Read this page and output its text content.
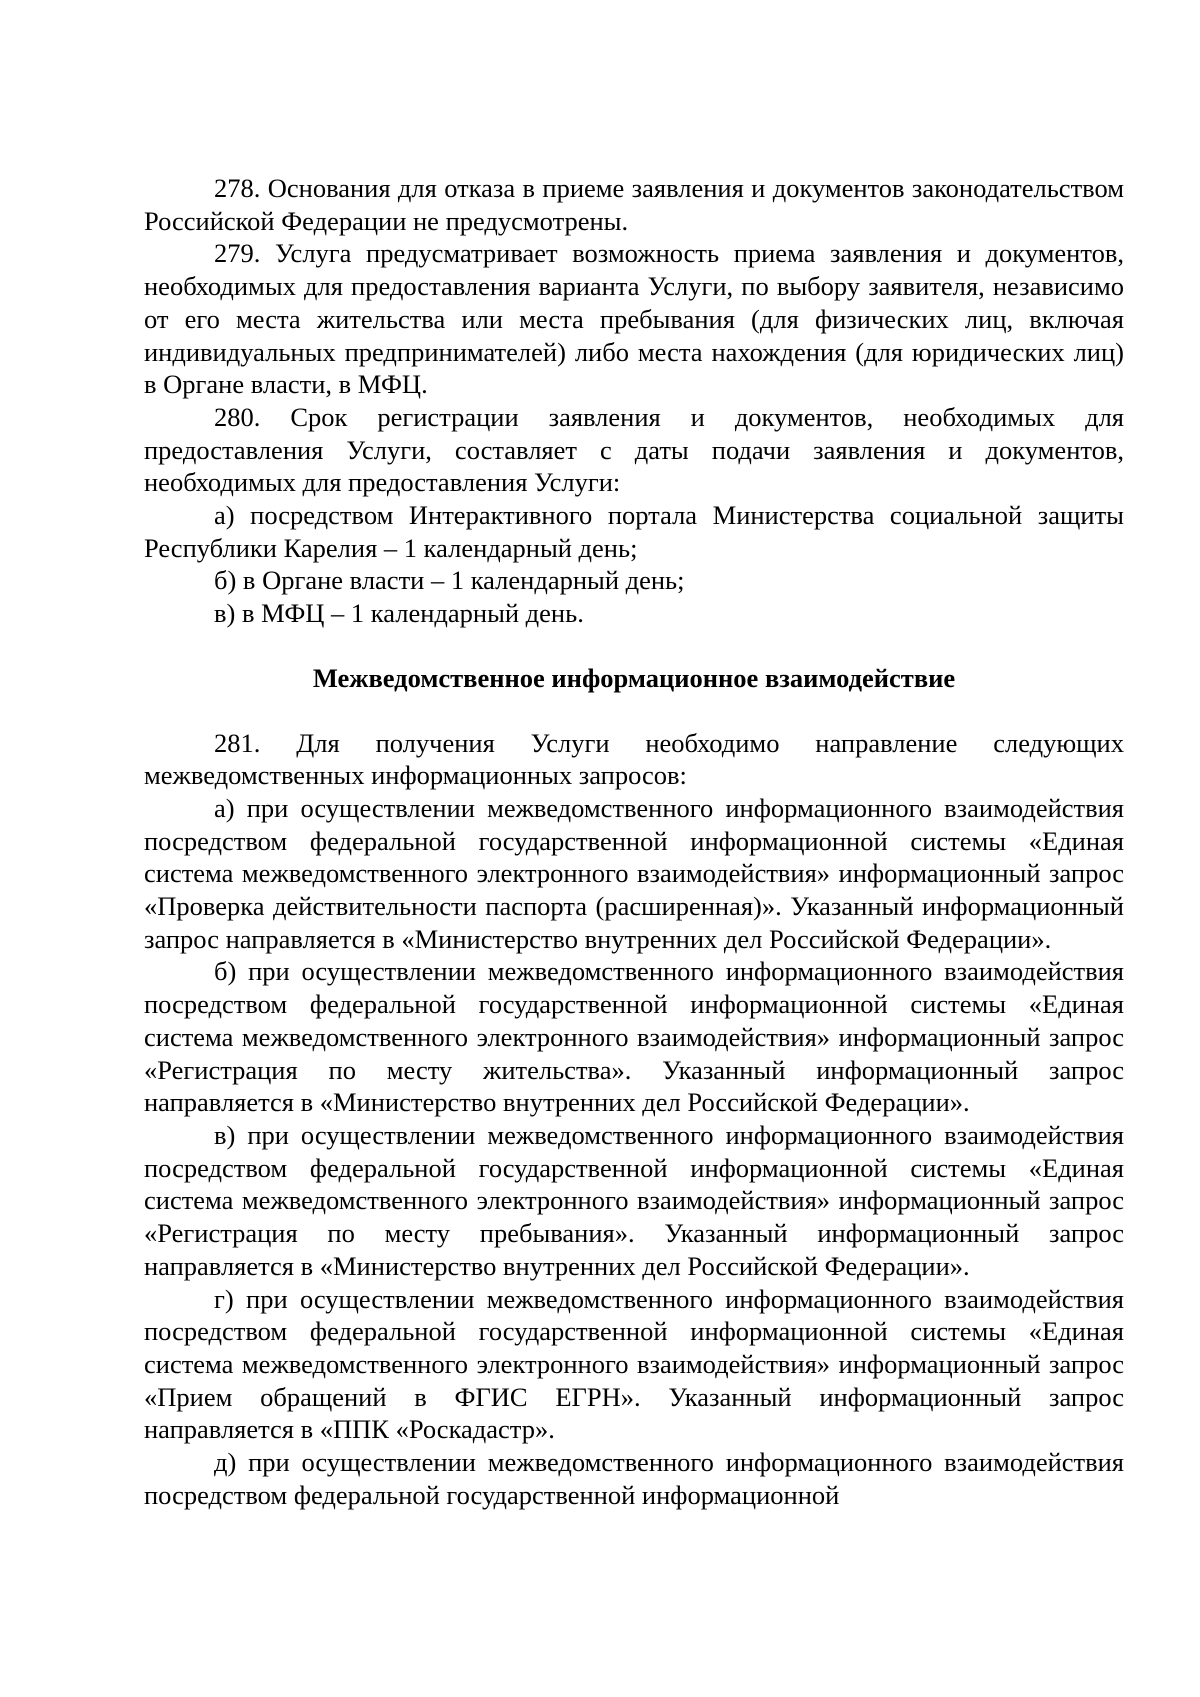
278. Основания для отказа в приеме заявления и документов законодательством Российской Федерации не предусмотрены.

279. Услуга предусматривает возможность приема заявления и документов, необходимых для предоставления варианта Услуги, по выбору заявителя, независимо от его места жительства или места пребывания (для физических лиц, включая индивидуальных предпринимателей) либо места нахождения (для юридических лиц) в Органе власти, в МФЦ.

280. Срок регистрации заявления и документов, необходимых для предоставления Услуги, составляет с даты подачи заявления и документов, необходимых для предоставления Услуги:

а) посредством Интерактивного портала Министерства социальной защиты Республики Карелия – 1 календарный день;

б) в Органе власти – 1 календарный день;

в) в МФЦ – 1 календарный день.

Межведомственное информационное взаимодействие

281. Для получения Услуги необходимо направление следующих межведомственных информационных запросов:

а) при осуществлении межведомственного информационного взаимодействия посредством федеральной государственной информационной системы «Единая система межведомственного электронного взаимодействия» информационный запрос «Проверка действительности паспорта (расширенная)». Указанный информационный запрос направляется в «Министерство внутренних дел Российской Федерации».

б) при осуществлении межведомственного информационного взаимодействия посредством федеральной государственной информационной системы «Единая система межведомственного электронного взаимодействия» информационный запрос «Регистрация по месту жительства». Указанный информационный запрос направляется в «Министерство внутренних дел Российской Федерации».

в) при осуществлении межведомственного информационного взаимодействия посредством федеральной государственной информационной системы «Единая система межведомственного электронного взаимодействия» информационный запрос «Регистрация по месту пребывания». Указанный информационный запрос направляется в «Министерство внутренних дел Российской Федерации».

г) при осуществлении межведомственного информационного взаимодействия посредством федеральной государственной информационной системы «Единая система межведомственного электронного взаимодействия» информационный запрос «Прием обращений в ФГИС ЕГРН». Указанный информационный запрос направляется в «ППК «Роскадастр».

д) при осуществлении межведомственного информационного взаимодействия посредством федеральной государственной информационной
